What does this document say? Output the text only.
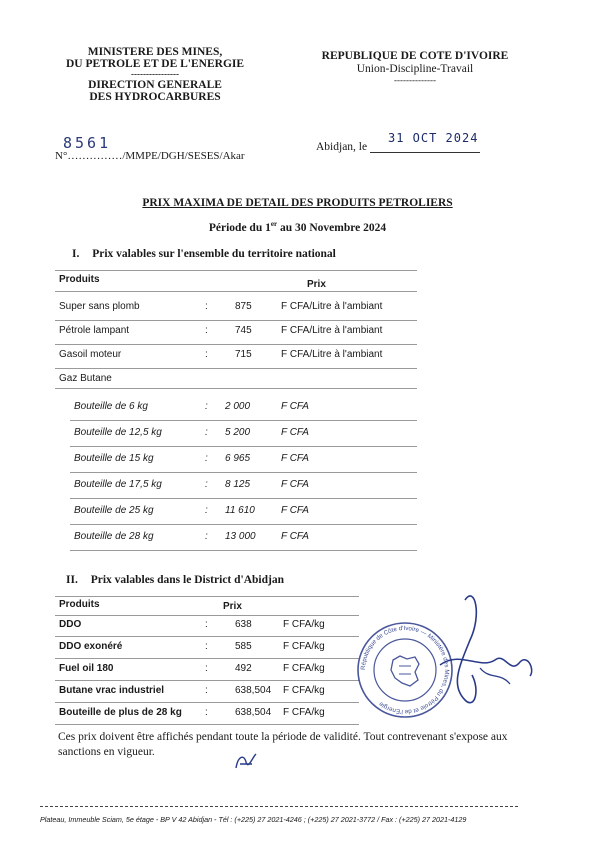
MINISTERE DES MINES,
DU PETROLE ET DE L'ENERGIE
----------------
DIRECTION GENERALE
DES HYDROCARBURES
REPUBLIQUE DE COTE D'IVOIRE
Union-Discipline-Travail
--------------
8561
N°……………/MMPE/DGH/SESES/Akar
Abidjan, le
31 OCT 2024
PRIX MAXIMA DE DETAIL DES PRODUITS PETROLIERS
Période du 1er au 30 Novembre 2024
I. Prix valables sur l'ensemble du territoire national
Produits	Prix
Super sans plomb	:	875	F CFA/Litre à l'ambiant
Pétrole lampant	:	745	F CFA/Litre à l'ambiant
Gasoil moteur	:	715	F CFA/Litre à l'ambiant
Gaz Butane
Bouteille de 6 kg	: 2 000	F CFA
Bouteille de 12,5 kg	: 5 200	F CFA
Bouteille de 15 kg	: 6 965	F CFA
Bouteille de 17,5 kg	: 8 125	F CFA
Bouteille de 25 kg	: 11 610	F CFA
Bouteille de 28 kg	: 13 000	F CFA
II. Prix valables dans le District d'Abidjan
Produits	Prix
DDO	:	638	F CFA/kg
DDO exonéré	:	585	F CFA/kg
Fuel oil 180	:	492	F CFA/kg
Butane vrac industriel	:	638,504 F CFA/kg
Bouteille de plus de 28 kg :	638,504 F CFA/kg
République de Côte d'Ivoire — Ministère des Mines, du Pétrole et de l'Energie
Ces prix doivent être affichés pendant toute la période de validité. Tout contrevenant s'expose aux sanctions en vigueur.
Plateau, Immeuble Sciam, 5e étage - BP V 42 Abidjan - Tél : (+225) 27 2021-4246 ; (+225) 27 2021-3772 / Fax : (+225) 27 2021-4129
